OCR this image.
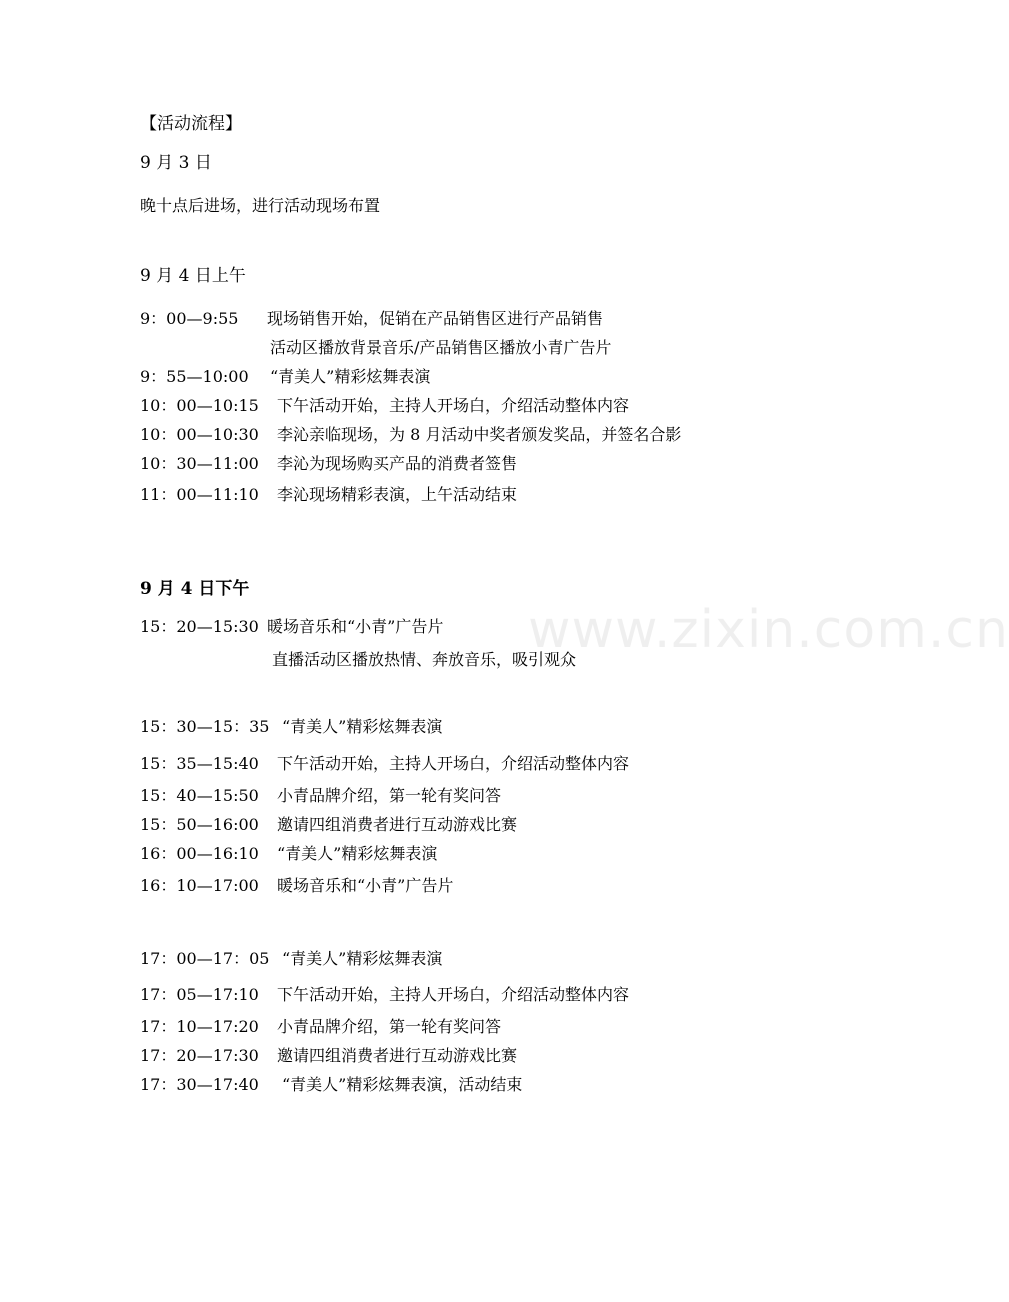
【活动流程】
9 月 3 日
晚十点后进场，进行活动现场布置
9 月 4 日上午
9：00—9:55 现场销售开始，促销在产品销售区进行产品销售
活动区播放背景音乐/产品销售区播放小青广告片
9：55—10:00 “青美人”精彩炫舞表演
10：00—10:15 下午活动开始，主持人开场白，介绍活动整体内容
10：00—10:30 李沁亲临现场，为 8 月活动中奖者颁发奖品，并签名合影
10：30—11:00 李沁为现场购买产品的消费者签售
11：00—11:10 李沁现场精彩表演，上午活动结束
9 月 4 日下午
15：20—15:30 暖场音乐和“小青”广告片
直播活动区播放热情、奔放音乐，吸引观众
15：30—15：35 “青美人”精彩炫舞表演
15：35—15:40 下午活动开始，主持人开场白，介绍活动整体内容
15：40—15:50 小青品牌介绍，第一轮有奖问答
15：50—16:00 邀请四组消费者进行互动游戏比赛
16：00—16:10 “青美人”精彩炫舞表演
16：10—17:00 暖场音乐和“小青”广告片
17：00—17：05 “青美人”精彩炫舞表演
17：05—17:10 下午活动开始，主持人开场白，介绍活动整体内容
17：10—17:20 小青品牌介绍，第一轮有奖问答
17：20—17:30 邀请四组消费者进行互动游戏比赛
17：30—17:40 “青美人”精彩炫舞表演，活动结束
www.zixin.com.cn
